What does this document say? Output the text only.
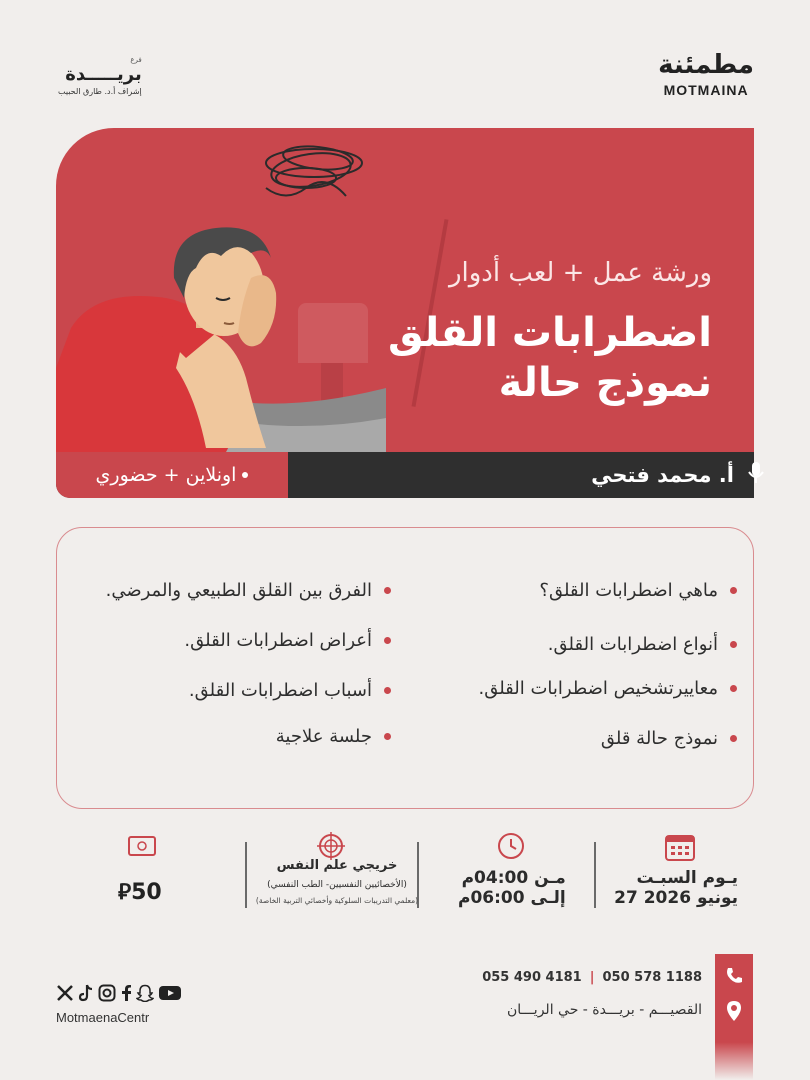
مطمئنة
MOTMAINA
فرع
بريـــــدة
إشراف أ.د. طارق الحبيب
ورشة عمل + لعب أدوار
اضطرابات القلق
نموذج حالة
اونلاين + حضوري	أ. محمد فتحي
ماهي اضطرابات القلق؟
أنواع اضطرابات القلق.
معاييرتشخيص اضطرابات القلق.
نموذج حالة قلق
الفرق بين القلق الطبيعي والمرضي.
أعراض اضطرابات القلق.
أسباب اضطرابات القلق.
جلسة علاجية
يـوم السبـت
27 يونيو 2026
مـن 04:00م
إلـى 06:00م
خريجي علم النفس
(الأخصائيين النفسيين- الطب النفسي)
(معلمي التدريبات السلوكية وأخصائي التربية الخاصة)
⃁50
055 490 4181 | 050 578 1188
القصيـــم - بريـــدة - حي الريـــان
MotmaenaCentr
